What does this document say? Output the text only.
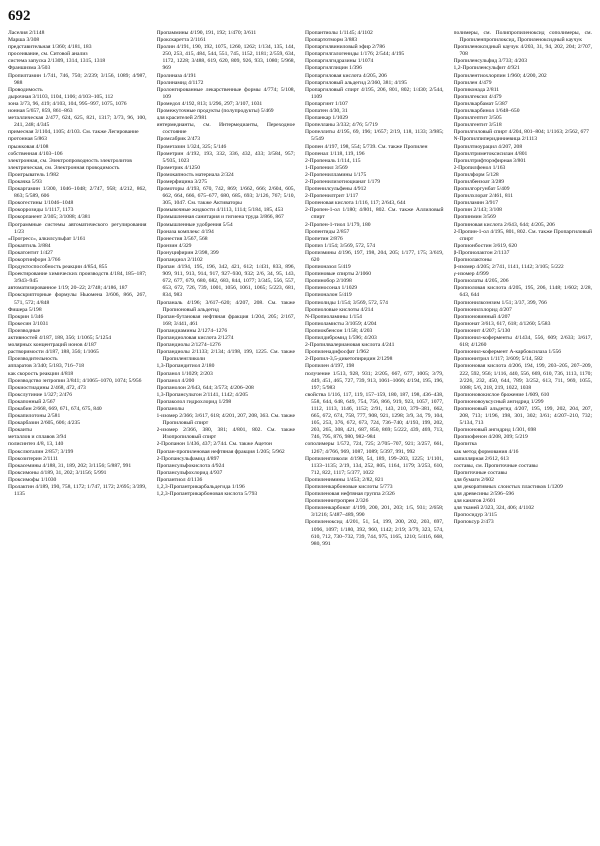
692
Ласелия 2/1148
Марша 3/308
представительная 1/360; 4/181, 183
просеивание, см. Ситовой анализ
система запуска 2/1309, 1314, 1315, 1318
Франшизма 3/503
Пропилтамин 1/741, 746, 750; 2/239; 3/156, 1089; 4/987, 988
Проводимость
дырочная 3/1103, 1104, 1106; 4/103–105, 112
зона 3/73, 96, 419; 4/103, 104, 995–997, 1075, 1076
ионная 5/657, 859, 861–863
металлическая 2/477, 624, 625, 821, 1317; 3/73, 96, 100, 241, 248; 4/345
примесная 3/1104, 1105; 4/103. См. также Легирование
протонная 5/863
прыжковая 4/108
собственная 4/103–106
электронная, см. Электропроводность электролитов
электрическая, см. Электронная проводимость
Проигрыватель 1/982
Прокачка 5/93
Прокаргамин 1/300, 1046–1048; 2/747, 958; 4/212, 862, 863; 5/589, 606
Прокогестины 1/1046–1048
Прокоррозиды 1/1117, 1173
Прокорпанент 2/305; 3/1088; 4/381
Программные системы автоматического регулирования 1/23
«Прогресс», алкилсульфат 1/161
Прокаптиль 3/884
Прокатонтит 1/427
Прокортинфорн 3/766
Продуктоспособность реакции 4/854, 855
Проектирование химических производств 4/184, 185–187; 3/943–945
автоматизированное 1/19; 20–22; 2/748; 4/186, 187
Прокскрипторные формулы Ньюмена 3/606, 866, 267, 571, 572; 4/848
Фишера 5/198
Прокрин 1/346
Прокесин 3/1031
Производные
активностей 4/187, 188, 356; 1/1065; 5/1254
молярных концентраций ионов 4/187
растворимости 4/187, 188, 356; 1/1065
Производительность
аппаратов 3/340; 5/183, 716–718
как скорость реакции 4/818
Производство энтропии 3/841; 4/1065–1070, 1074; 5/956
Прокиостиадины 2/468, 472, 473
Прокслутиние 1/327; 2/476
Прокапонный 2/567
Прокабин 2/668, 669, 671, 674, 675, 840
Прокапилотоны 2/581
Прокарбазин 2/605, 606; 4/235
Прокаиты
металлов и сплавов 3/94
полисинтез 4/8, 13, 140
Прокслюталин 2/857; 3/199
Прокозитерин 2/1111
Прокасемины 4/188, 31, 189, 202; 3/1156; 5/887, 991
Проксимоны 4/189, 31, 202; 3/1156; 5/991
Проксимофы 1/1030
Пролактин 4/189, 190, 758, 1172; 1/747, 1172; 2/695; 3/399, 1135
Пропаммины 4/190, 191, 192; 1/470; 3/611
Прокскаретта 2/1161
Пролин 4/191, 190, 192, 1075, 1260, 1262; 1/134, 135, 144, 250, 253, 415, 484, 544, 551, 745, 1152, 1181; 2/559, 634, 1172, 1228; 3/488, 619, 620, 809, 926, 933, 1080; 5/968, 969
Пролиназа 4/191
Пролинамид 4/1172
Пролонгированные лекарственные формы 4/774; 5/108, 109
Промедол 4/192, 813; 1/296, 297; 3/107, 1031
Промежуточные продукты (полупродукты) 5/469
для красителей 2/981
интермедианты, см. Интермедианты, Переходное состояние
Промсабрик 2/473
Прометазин 1/324, 325; 5/146
Прометрин 4/192, 193, 332, 336, 432, 433; 3/584, 957; 5/935, 1023
Прометрик 4/1250
Промокапность материала 2/324
Промерфицина 3/275
Промоторы 4/193, 670, 742, 869; 1/662, 666; 2/604, 605, 662, 664, 666, 675–677, 680, 685, 693; 3/126, 767; 5/10, 305, 1047. См. также Активаторы
Промывочные жидкости 4/1113, 1114; 5/184, 185, 453
Промышленная санитария и гигиена труда 3/866, 867
Промышленные удобрения 5/54
Проназа комплекс 4/194
Пронестия 3/567, 568
Пронзин 4/329
Пронуцифирин 2/398, 399
Пропандиол 2/1102
Пропан 4/194, 195, 196, 342, 421, 612; 1/431, 833, 896, 909, 911, 913, 914, 917, 927–930, 932; 2/6, 34, 95, 143, 672, 677, 679, 680, 682, 683, 844, 1077; 3/345, 556, 557, 653, 672, 726, 739, 1001, 1056, 1061, 1065; 5/223, 681, 834, 983
Пропаналь 4/196; 3/617–620; 4/207, 208. См. также Пропионовый альдегид
Пропан-бутановая нефтяная фракция 1/204, 205; 2/167, 168; 3/441, 461
Пропандиамины 2/1274–1276
Пропандиоловая кислота 2/1274
Пропандиолы 2/1274–1276
Пропандиолы 2/1133; 2/134; 4/198, 199, 1225. См. также Пропиленгликоли
1,3-Пропандитиол 2/180
Пропанол 1/1029; 2/203
Пропанол 4/200
Пропанолон 2/643, 644; 3/573; 4/206–208
1,3-Пропансультон 2/1141, 1142; 4/205
Пропаколол гидрохлорид 1/298
Пропанолы
1-изомер 2/366; 3/617, 618; 4/201, 207, 208, 363. См. также Пропиловый спирт
2-изомер 2/366, 380, 381; 4/801, 802. См. также Изопропиловый спирт
2-Пропанон 1/436, 437; 2/744. См. также Ацетон
Пропан-пропиленовая нефтяная фракция 1/205; 5/962
2-Пропансульфамид 4/897
Пропансульфокислота 4/924
Пропансульфохлорид 4/937
Пропантиол 4/1136
1,2,3-Пропантрикарбальдегида 1/196
1,2,3-Пропантрикарбоновая кислота 5/793
Пропантиолы 1/1145; 4/1102
Пропартотморм 3/883
Пропаргилвиниловый эфир 2/786
Пропаргилгалогениды 1/176; 2/544; 4/195
Пропаргилгидразины 1/1074
Пропаргилглицин 1/396
Пропаргиловая кислота 4/205, 206
Пропаргиловый альдегид 2/360, 381; 4/195
Пропаргиловый спирт 4/195, 206, 801, 802; 1/430; 2/544, 1109
Пропаргинт 1/107
Пропатен 4/30, 31
Пропанкар 1/1029
Пропелланы 3/332; 4/76; 5/719
Пропеллиты 4/195, 69, 196; 1/657; 2/19, 118, 1133; 3/985; 5/549
Пропен 4/197, 198, 554; 5/739. См. также Пропилен
Пропенал 1/118, 119, 196
2-Пропеналь 1/114, 115
1-Пропенил 3/569
2-Пропенилламины 1/175
2-Пропенилизотиоцианат 1/179
Пропенилсульфены 4/912
2-Пропенилтрит 1/117
Пропеновая кислота 1/116, 117; 2/643, 644
2-Пропен-1-ол 1/180; 4/801, 802. См. также Аллиловый спирт
2-Пропен-1-тиол 1/179, 180
Пропентиды 2/857
Пропетин 2/876
Пропиз 1/154; 3/569, 572, 574
Пропизмины 4/196, 197, 198, 204, 205; 1/177, 175; 3/619, 620
Пропионазол 5/419
Пропиновые спирты 2/1060
Пропинобор 2/1098
Пропиносонал 1/1029
Пропионалон 5/419
Пропиолиды 1/154; 3/569, 572, 574
Пропиоловые кислоты 4/214
N-Пропиоламины 1/154
Пропиоламисты 3/1059; 4/204
Пропиокбенсон 1/158; 4/203
Пропилдибромид 1/596; 4/203
2-Пропилвалериановая кислота 4/241
Пропиленадифосфат 1/962
2-Пропил-3,5-дикетопиридин 2/1298
Пропилен 4/197, 198
получение 1/513, 928, 931; 2/205, 667, 677, 1005; 3/79, 449, 451, 465, 727, 739, 913, 1061–1066; 4/194, 195, 196, 197; 5/983
свойства 1/116, 117, 119, 157–159, 180, 187, 198, 436–438, 558, 644, 648, 649, 754, 756, 866, 919, 923, 1057, 1077, 1112, 1113, 1146, 1152; 2/91, 143, 210, 379–381, 662, 665, 672, 674, 758, 777, 908, 921, 1298; 3/9, 34, 79, 104, 105, 253, 376, 672, 673, 724, 736–740; 4/193, 199, 202, 203, 265, 308, 421, 687, 850, 869; 5/222, 439, 469, 713, 746, 795, 876, 980, 982–984
сополимеры 1/572, 724, 725; 2/705–707, 921; 3/257, 661, 1267; 4/766, 969, 1087, 1089; 5/397, 991, 992
Пропиленгликоли 4/198, 54, 189, 199–203, 1225; 1/1101, 1133–1135; 2/19, 134, 252, 805, 1164, 1179; 3/253, 610, 712, 822, 1117; 5/377, 1022
Пропиленимины 1/453; 2/82, 821
Пропиленкарбоновые кислоты 5/773
Пропиленовая нефтяная группа 2/326
Пропиленнитропрен 2/326
Пропиленкарбонат 4/199, 200, 201, 203; 1/5, 931; 2/658; 3/1216; 5/487–489, 990
Пропиленоксид 4/201, 51, 54, 199, 200, 202, 203, 697, 1096, 1097; 1/180, 392, 960, 1142; 2/19; 3/79, 323, 574, 610, 712, 730–732, 739, 744, 975, 1165, 1210; 5/416, 668, 980, 991
полимеры, см. Полипропиленоксид сополимеры, см. Пропиленпропилоксид, Пропиленоксидный каучук
Пропиленоксидный каучук 4/203, 31, 94, 202, 204; 2/707, 708
Пропиленсульфид 3/733; 4/203
1,2-Пропиленсульфит 4/921
Пропилентиохлорпин 1/960; 4/200, 202
Пропилен 4/479
Пропиконада 2/811
Пропилгексил 4/479
Пропилкарбамат 5/387
Пропилкарбинол 1/648–650
Пропилгептит 3/505
Пропилгентит 3/518
Пропилгиловый спирт 4/204, 801–804; 1/1163; 2/562, 677
N-Пропилпиперидиниевица 2/1113
Пропилтиоурацил 4/207, 208
Пропилтриметоксисилан 4/801
Пропилтрифторэфирная 3/801
2-Пропилфенол 1/163
Пропилформ 5/128
Пропилбензоат 3/289
Пропилгоргунбат 5/409
Пропилхлорат 2/461, 811
Пропиламин 3/917
Пропин 2/143; 3/108
Пропинмин 3/569
Пропиновая кислота 2/643, 644; 4/205, 206
2-Пропин-1-ол 4/195, 801, 802. См. также Пропаргиловый спирт
Пропионбостин 3/619, 620
β-Пропиолактон 2/1137
Пропиолактоны
β-изомер 4/205; 2/741, 1141, 1142; 3/105; 5/222
γ-изомер 4/999
Пропиолаты 4/205, 206
Пропиоловая кислота 4/205, 195, 206, 1148; 1/602; 2/28, 643, 644
Пропионилкоэнзим 1/51; 3/37, 399, 766
Пропионилхлорид 4/207
Пропионовинный 4/207
Пропионат 3/613, 617, 618; 4/1260; 5/583
Пропионит 4/207; 5/130
Пропионил-коферменты 4/1434, 556, 609; 2/633; 3/617, 618; 4/1260
Пропионил-кофермент A-карбоксилаза 1/556
Пропионитрил 1/117; 3/609; 5/14, 582
Пропионовая кислота 4/206, 194, 199, 203–205, 207–209, 222, 592, 956; 1/116, 440, 556, 669, 610, 736, 1113, 1170; 2/226, 232, 450, 644, 789; 3/252, 613, 711, 969, 1055, 1088; 5/6, 218, 219, 1022, 1038
Пропионовокислое брожение 1/609, 610
Пропионовоуксусный ангидрид 1/299
Пропионовый альдегид 4/207, 195, 199, 202, 204, 207, 208, 713; 1/196, 198, 301, 302; 3/61; 4/207–210, 732; 5/134, 713
Пропионовый ангидрид 1/301, 698
Пропиофенон 4/208, 209; 5/219
Пропитка
как метод формования 4/16
капиллярная 2/612, 613
составы, см. Пропиточные составы
Пропиточные составы
для бумаги 2/602
для декоративных слоистых пластиков 1/1209
для древесины 2/596–596
для канатов 2/601
для тканей 2/323, 324, 406; 4/1102
Пропосидур 3/115
Пропоксур 2/473
